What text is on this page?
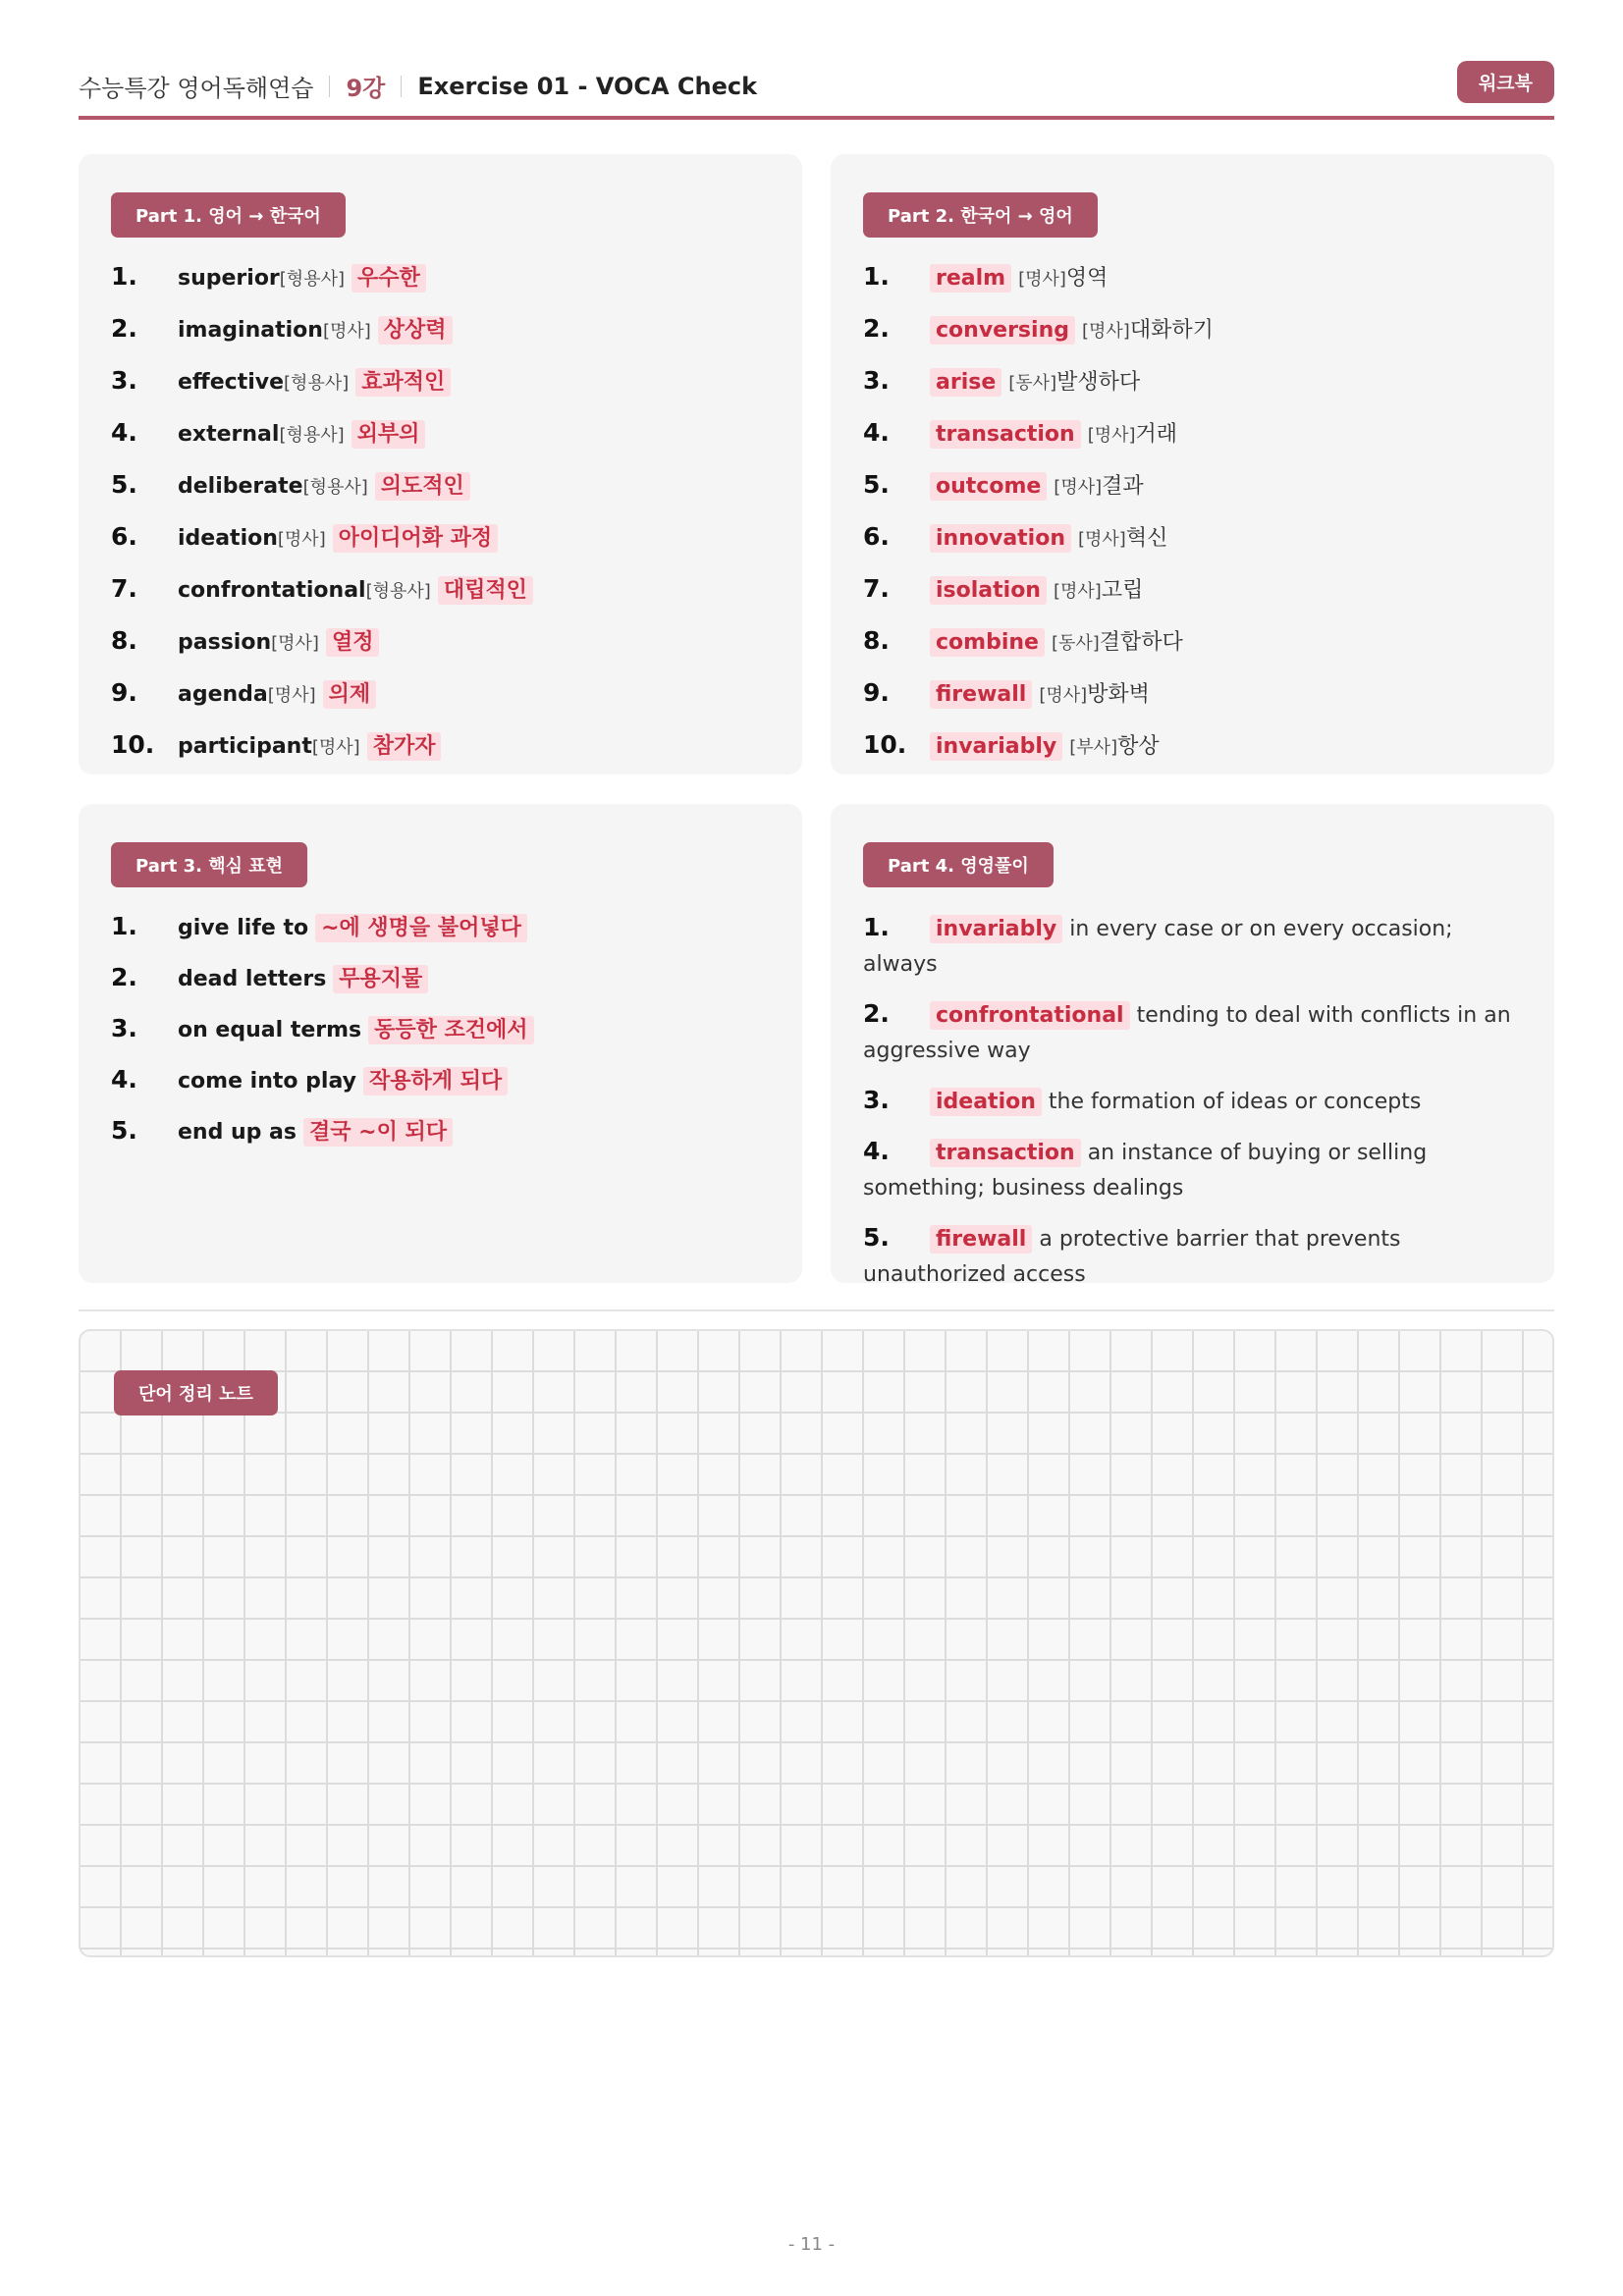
수능특강 영어독해연습 9강 Exercise 01 - VOCA Check	워크북
Part 1. 영어 → 한국어
1. superior[형용사] 우수한
2. imagination[명사] 상상력
3. effective[형용사] 효과적인
4. external[형용사] 외부의
5. deliberate[형용사] 의도적인
6. ideation[명사] 아이디어화 과정
7. confrontational[형용사] 대립적인
8. passion[명사] 열정
9. agenda[명사] 의제
10. participant[명사] 참가자
Part 2. 한국어 → 영어
1. realm [명사]영역
2. conversing [명사]대화하기
3. arise [동사]발생하다
4. transaction [명사]거래
5. outcome [명사]결과
6. innovation [명사]혁신
7. isolation [명사]고립
8. combine [동사]결합하다
9. firewall [명사]방화벽
10. invariably [부사]항상
Part 3. 핵심 표현
1. give life to ~에 생명을 불어넣다
2. dead letters 무용지물
3. on equal terms 동등한 조건에서
4. come into play 작용하게 되다
5. end up as 결국 ~이 되다
Part 4. 영영풀이
1. invariably in every case or on every occasion; always
2. confrontational tending to deal with conflicts in an aggressive way
3. ideation the formation of ideas or concepts
4. transaction an instance of buying or selling something; business dealings
5. firewall a protective barrier that prevents unauthorized access
단어 정리 노트
- 11 -
